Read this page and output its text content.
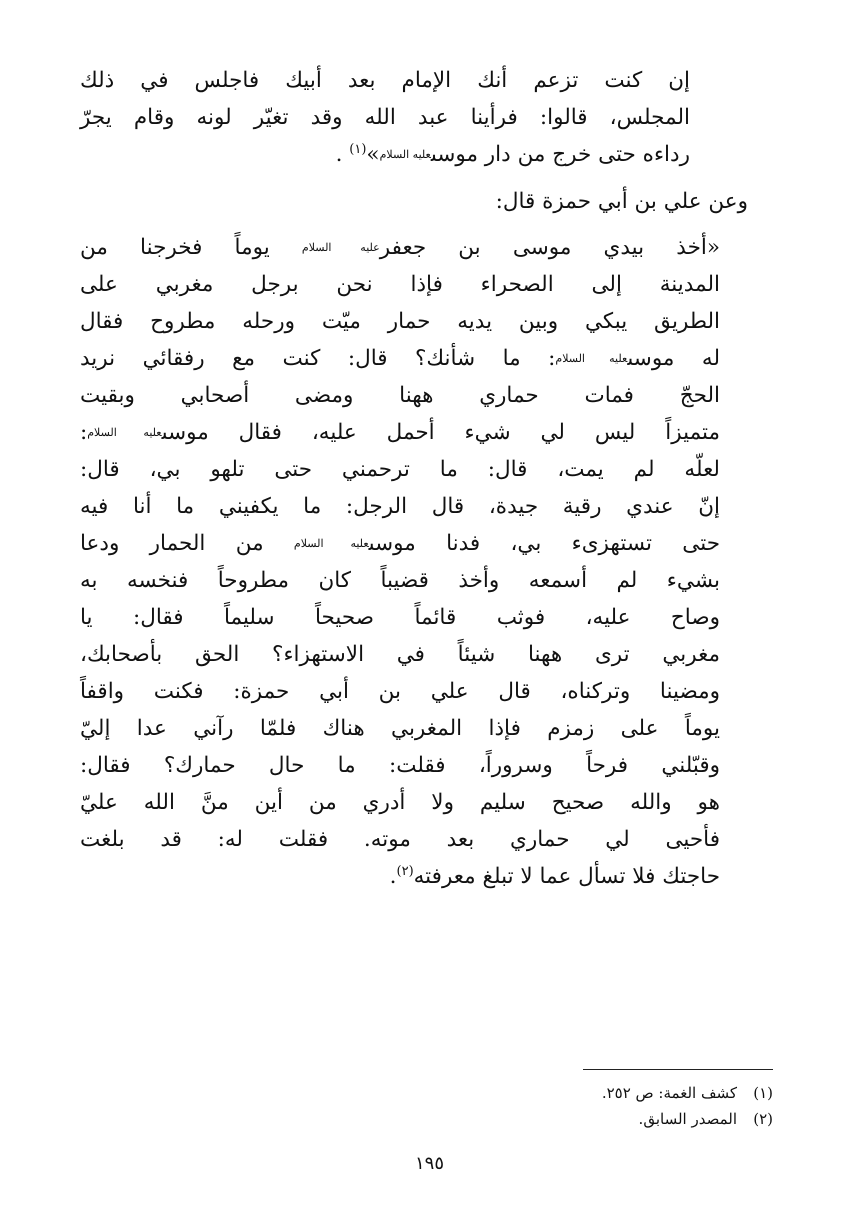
إن كنت تزعم أنك الإمام بعد أبيك فاجلس في ذلك
المجلس، قالوا: فرأينا عبد الله وقد تغيّر لونه وقام يجرّ
رداءه حتى خرج من دار موسىعليه السلام»$^{(١)}$ .
وعن علي بن أبي حمزة قال:
«أخذ بيدي موسى بن جعفرعليه السلام يوماً فخرجنا من
المدينة إلى الصحراء فإذا نحن برجل مغربي على
الطريق يبكي وبين يديه حمار ميّت ورحله مطروح فقال
له موسىعليه السلام: ما شأنك؟ قال: كنت مع رفقائي نريد
الحجّ فمات حماري ههنا ومضى أصحابي وبقيت
متميزاً ليس لي شيء أحمل عليه، فقال موسىعليه السلام:
لعلّه لم يمت، قال: ما ترحمني حتى تلهو بي، قال:
إنّ عندي رقية جيدة، قال الرجل: ما يكفيني ما أنا فيه
حتى تستهزىء بي، فدنا موسىعليه السلام من الحمار ودعا
بشيء لم أسمعه وأخذ قضيباً كان مطروحاً فنخسه به
وصاح عليه، فوثب قائماً صحيحاً سليماً فقال: يا
مغربي ترى ههنا شيئاً في الاستهزاء؟ الحق بأصحابك،
ومضينا وتركناه، قال علي بن أبي حمزة: فكنت واقفاً
يوماً على زمزم فإذا المغربي هناك فلمّا رآني عدا إليّ
وقبّلني فرحاً وسروراً، فقلت: ما حال حمارك؟ فقال:
هو والله صحيح سليم ولا أدري من أين منَّ الله عليّ
فأحيى لي حماري بعد موته. فقلت له: قد بلغت
حاجتك فلا تسأل عما لا تبلغ معرفته$^{(٢)}$.
(١)كشف الغمة: ص ٢٥٢.
(٢)المصدر السابق.
١٩٥
